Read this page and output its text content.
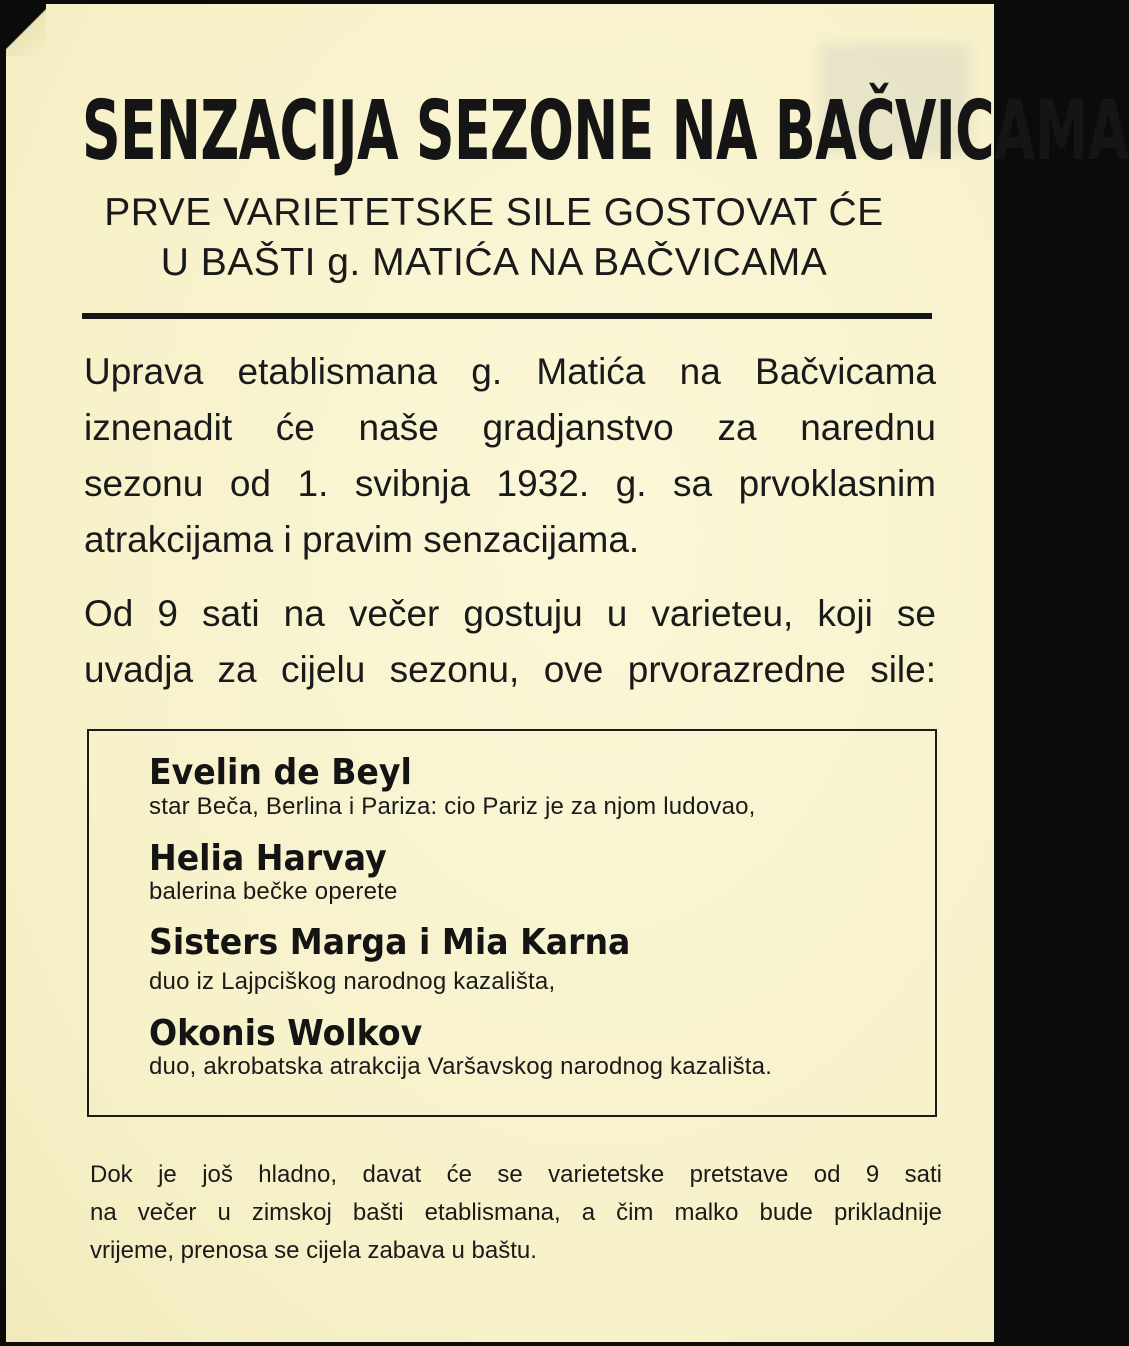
SENZACIJA SEZONE NA BAČVICAMA
PRVE VARIETETSKE SILE GOSTOVAT ĆE
U BAŠTI g. MATIĆA NA BAČVICAMA
Uprava etablismana g. Matića na Bačvicama
iznenadit će naše gradjanstvo za narednu
sezonu od 1. svibnja 1932. g. sa prvoklasnim
atrakcijama i pravim senzacijama.
Od 9 sati na večer gostuju u varieteu, koji se
uvadja za cijelu sezonu, ove prvorazredne sile:
Evelin de Beyl
star Beča, Berlina i Pariza: cio Pariz je za njom ludovao,
Helia Harvay
balerina bečke operete
Sisters Marga i Mia Karna
duo iz Lajpciškog narodnog kazališta,
Okonis Wolkov
duo, akrobatska atrakcija Varšavskog narodnog kazališta.
Dok je još hladno, davat će se varietetske pretstave od 9 sati
na večer u zimskoj bašti etablismana, a čim malko bude prikladnije
vrijeme, prenosa se cijela zabava u baštu.
